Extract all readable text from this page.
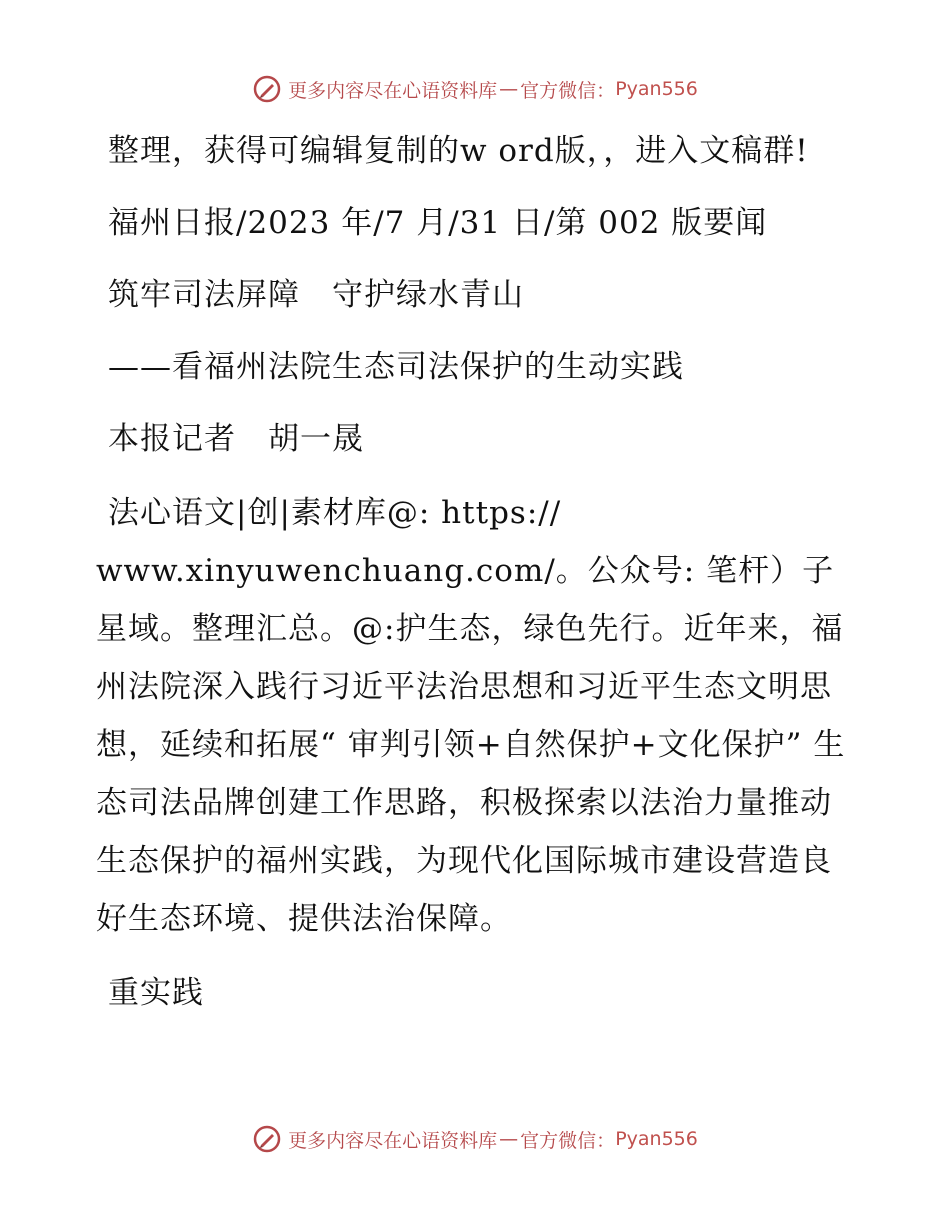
更多内容尽在心语资料库 — 官方微信： Pyan556

整理，获得可编辑复制的w ord版，，进入文稿群!

福州日报/2023 年/7 月/31 日/第 002 版要闻

筑牢司法屏障　守护绿水青山

——看福州法院生态司法保护的生动实践

本报记者　胡一晟

法心语文|创|素材库@: https:// www.xinyuwenchuang.com/。公众号: 笔杆）子星域。整理汇总。@:护生态，绿色先行。近年来，福州法院深入践行习近平法治思想和习近平生态文明思想，延续和拓展“ 审判引领+自然保护+文化保护” 生态司法品牌创建工作思路，积极探索以法治力量推动生态保护的福州实践，为现代化国际城市建设营造良好生态环境、提供法治保障。

重实践

更多内容尽在心语资料库 — 官方微信： Pyan556
